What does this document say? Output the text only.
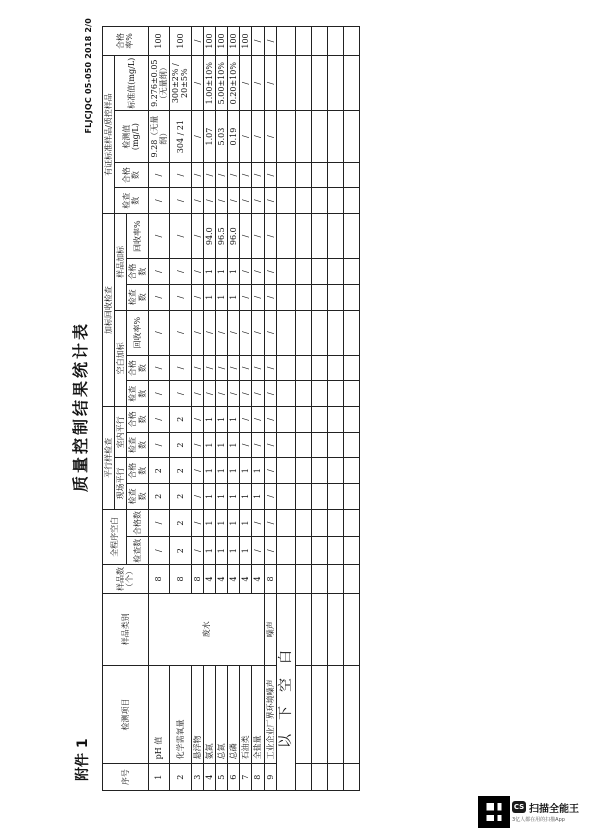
附件 1
质量控制结果统计表
FLJCJQC 05-050 2018 2/0
序号	检测项目	样品类别	样品数（个）	全程序空白		平行样检查				加标回收检查						有证标准样品/质控样品				合格率%
						现场平行		室内平行		空白加标			样品加标			检查数	合格数	检测值(mg/L)	标准值(mg/L)	
				检查数	合格数	检查数	合格数	检查数	合格数	检查数	合格数	回收率%	检查数	合格数	回收率%					
1	pH 值	废水	8	/	/	2	2	/	/	/	/	/	/	/	/	/	/	9.28（无量纲）	9.276±0.05（无量纲）	100
2	化学需氧量		8	2	2	2	2	2	2	/	/	/	/	/	/	/	/	304 / 21	300±2% / 20±5%	100
3	悬浮物		8	/	/	/	/	/	/	/	/	/	/	/	/	/	/	/	/	/
4	氨氮		4	1	1	1	1	1	1	/	/	/	1	1	94.0	/	/	1.07	1.00±10%	100
5	总氮		4	1	1	1	1	1	1	/	/	/	1	1	96.5	/	/	5.03	5.00±10%	100
6	总磷		4	1	1	1	1	1	1	/	/	/	1	1	96.0	/	/	0.19	0.20±10%	100
7	石油类		4	1	1	1	1	/	/	/	/	/	/	/	/	/	/	/	/	100
8	全盐量		4	/	/	1	1	/	/	/	/	/	/	/	/	/	/	/	/	/
9	工业企业厂界环境噪声	噪声	8	/	/	/	/	/	/	/	/	/	/	/	/	/	/	/	/	/
以下空白																				

CS 扫描全能王
3亿人都在用的扫描App
